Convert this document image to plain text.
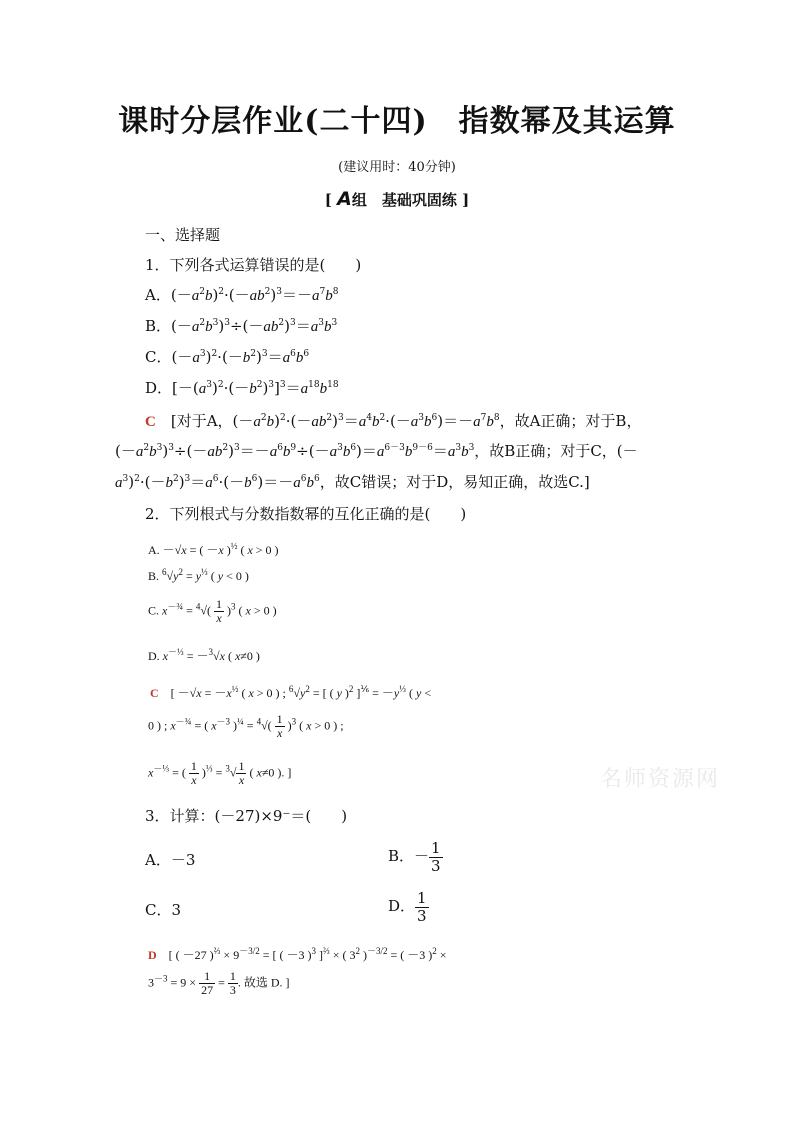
课时分层作业(二十四)　指数幂及其运算
(建议用时：40分钟)
[ A组　基础巩固练 ]
一、选择题
1．下列各式运算错误的是(　　)
A．$(-a^2b)^2\cdot(-ab^2)^3=-a^7b^8$
B．$(-a^2b^3)^3\div(-ab^2)^3=a^3b^3$
C．$(-a^3)^2\cdot(-b^2)^3=a^6b^6$
D．$[-(a^3)^2\cdot(-b^2)^3]^3=a^{18}b^{18}$
C　 [对于A，$(-a^2b)^2\cdot(-ab^2)^3=a^4b^2\cdot(-a^3b^6)=-a^7b^8$，故A正确；对于B，
$(-a^2b^3)^3\div(-ab^2)^3=-a^6b^9\div(-a^3b^6)=a^{6-3}b^{9-6}=a^3b^3$，故B正确；对于C，(－
$a^3)^2\cdot(-b^2)^3=a^6\cdot(-b^6)=-a^6b^6$，故C错误；对于D，易知正确，故选C.]
2．下列根式与分数指数幂的互化正确的是(　　)
A. －√x = ( －x )$^{\frac{1}{2}}$ ( x > 0 )
B. $^6√y^2 = y^{\frac{1}{3}}$ ( y < 0 )
C. $x^{-\frac{3}{4}} = ^4√( \frac{1}{x} )^3$ ( x > 0 )
D. $x^{-\frac{1}{3}} = -^3√x$ ( x≠0 )
C　[ $-√x = -x^{\frac{1}{2}}$ ( x > 0 ) ; $^6√y^2$ = [ ( y )$^2$ ]$^{\frac{1}{6}} = -y^{\frac{1}{3}}$ ( y <
0 ) ; $x^{-\frac{3}{4}}$ = ( $x^{-3}$ )$^{\frac{1}{4}} = ^4√( \frac{1}{x} )^3$ ( x > 0 ) ;
$x^{-\frac{1}{3}}$ = ( $\frac{1}{x} )^{\frac{1}{3}} = ^3√ \frac{1}{x}$ ( x≠0 ). ]	名师资源网
3．计算：(－27)×9⁻＝(　　)
A．－3	B．－ $\frac{1}{3}$
C．3	D． $\frac{1}{3}$
D　[ ( －27 )$^{\frac{2}{3}} \times 9^{-3/2}$ = [ ( －3 )$^3$ ]$^{\frac{2}{3}}$ × ( $3^2$ )$^{-3/2}$ = ( －3 )$^2$ ×
$3^{-3} = 9 \times \frac{1}{27} = \frac{1}{3}$ . 故选 D. ]
